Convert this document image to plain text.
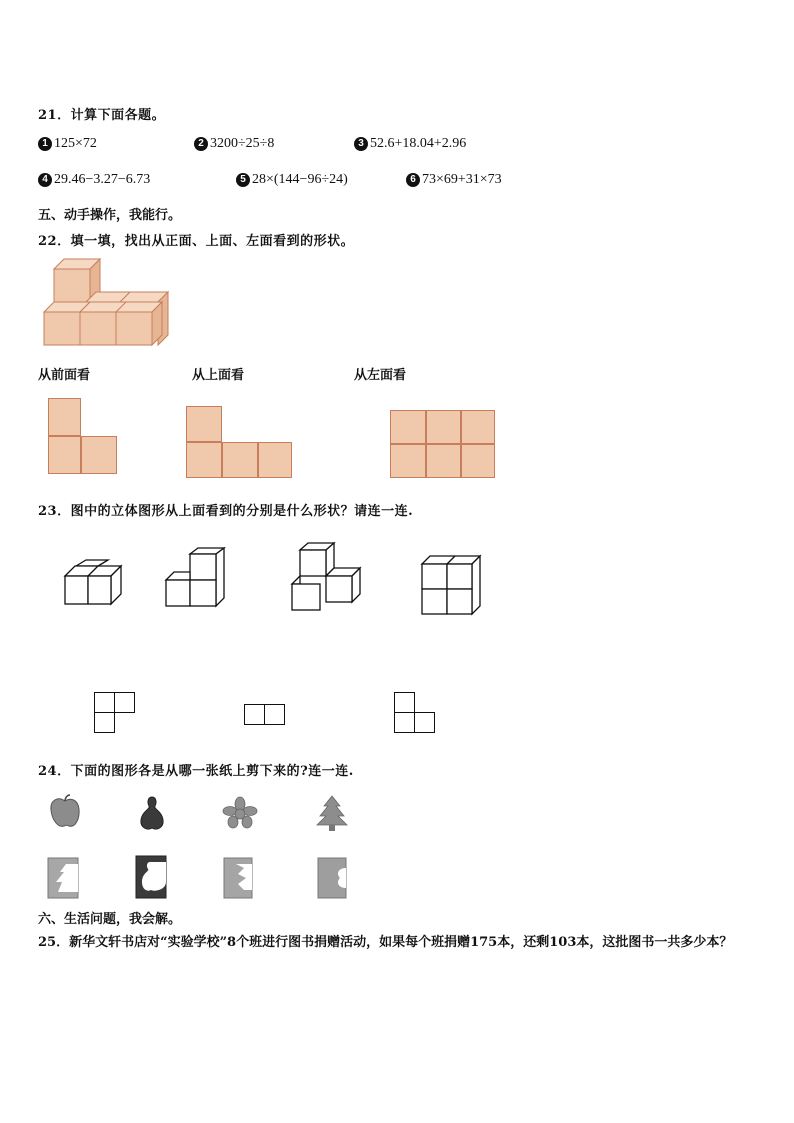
21．计算下面各题。
1 125×72	2 3200÷25÷8	3 52.6+18.04+2.96
4 29.46−3.27−6.73	5 28×(144−96÷24)	6 73×69+31×73
五、动手操作，我能行。
22．填一填，找出从正面、上面、左面看到的形状。
从前面看	从上面看	从左面看
23．图中的立体图形从上面看到的分别是什么形状？请连一连.
24．下面的图形各是从哪一张纸上剪下来的?连一连.
六、生活问题，我会解。
25．新华文轩书店对“实验学校”8个班进行图书捐赠活动，如果每个班捐赠175本，还剩103本，这批图书一共多少本？
